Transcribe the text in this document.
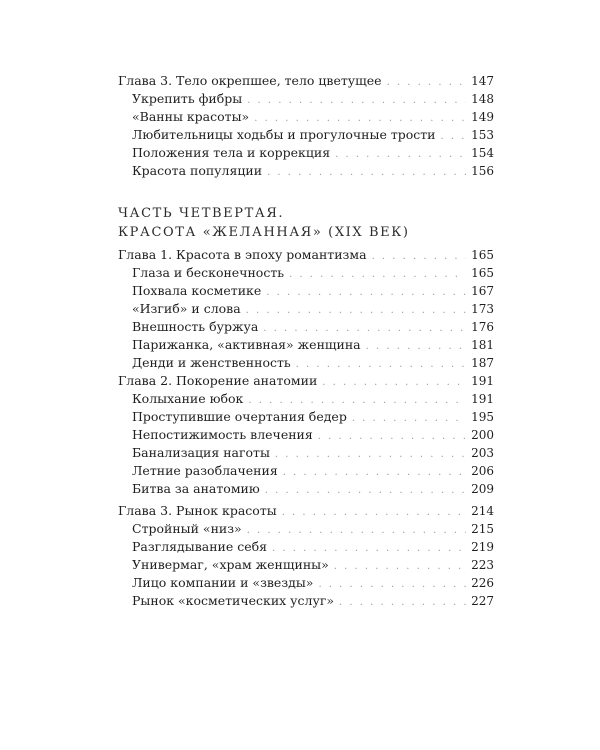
Глава 3. Тело окрепшее, тело цветущее . . .	147
Укрепить фибры . . .	148
«Ванны красоты» . . .	149
Любительницы ходьбы и прогулочные трости . . .	153
Положения тела и коррекция . . .	154
Красота популяции . . .	156
ЧАСТЬ ЧЕТВЕРТАЯ.
КРАСОТА «ЖЕЛАННАЯ» (XIX ВЕК)
Глава 1. Красота в эпоху романтизма . . .	165
Глаза и бесконечность . . .	165
Похвала косметике . . .	167
«Изгиб» и слова . . .	173
Внешность буржуа . . .	176
Парижанка, «активная» женщина . . .	181
Денди и женственность . . .	187
Глава 2. Покорение анатомии . . .	191
Колыхание юбок . . .	191
Проступившие очертания бедер . . .	195
Непостижимость влечения . . .	200
Банализация наготы . . .	203
Летние разоблачения . . .	206
Битва за анатомию . . .	209
Глава 3. Рынок красоты . . .	214
Стройный «низ» . . .	215
Разглядывание себя . . .	219
Универмаг, «храм женщины» . . .	223
Лицо компании и «звезды» . . .	226
Рынок «косметических услуг» . . .	227
